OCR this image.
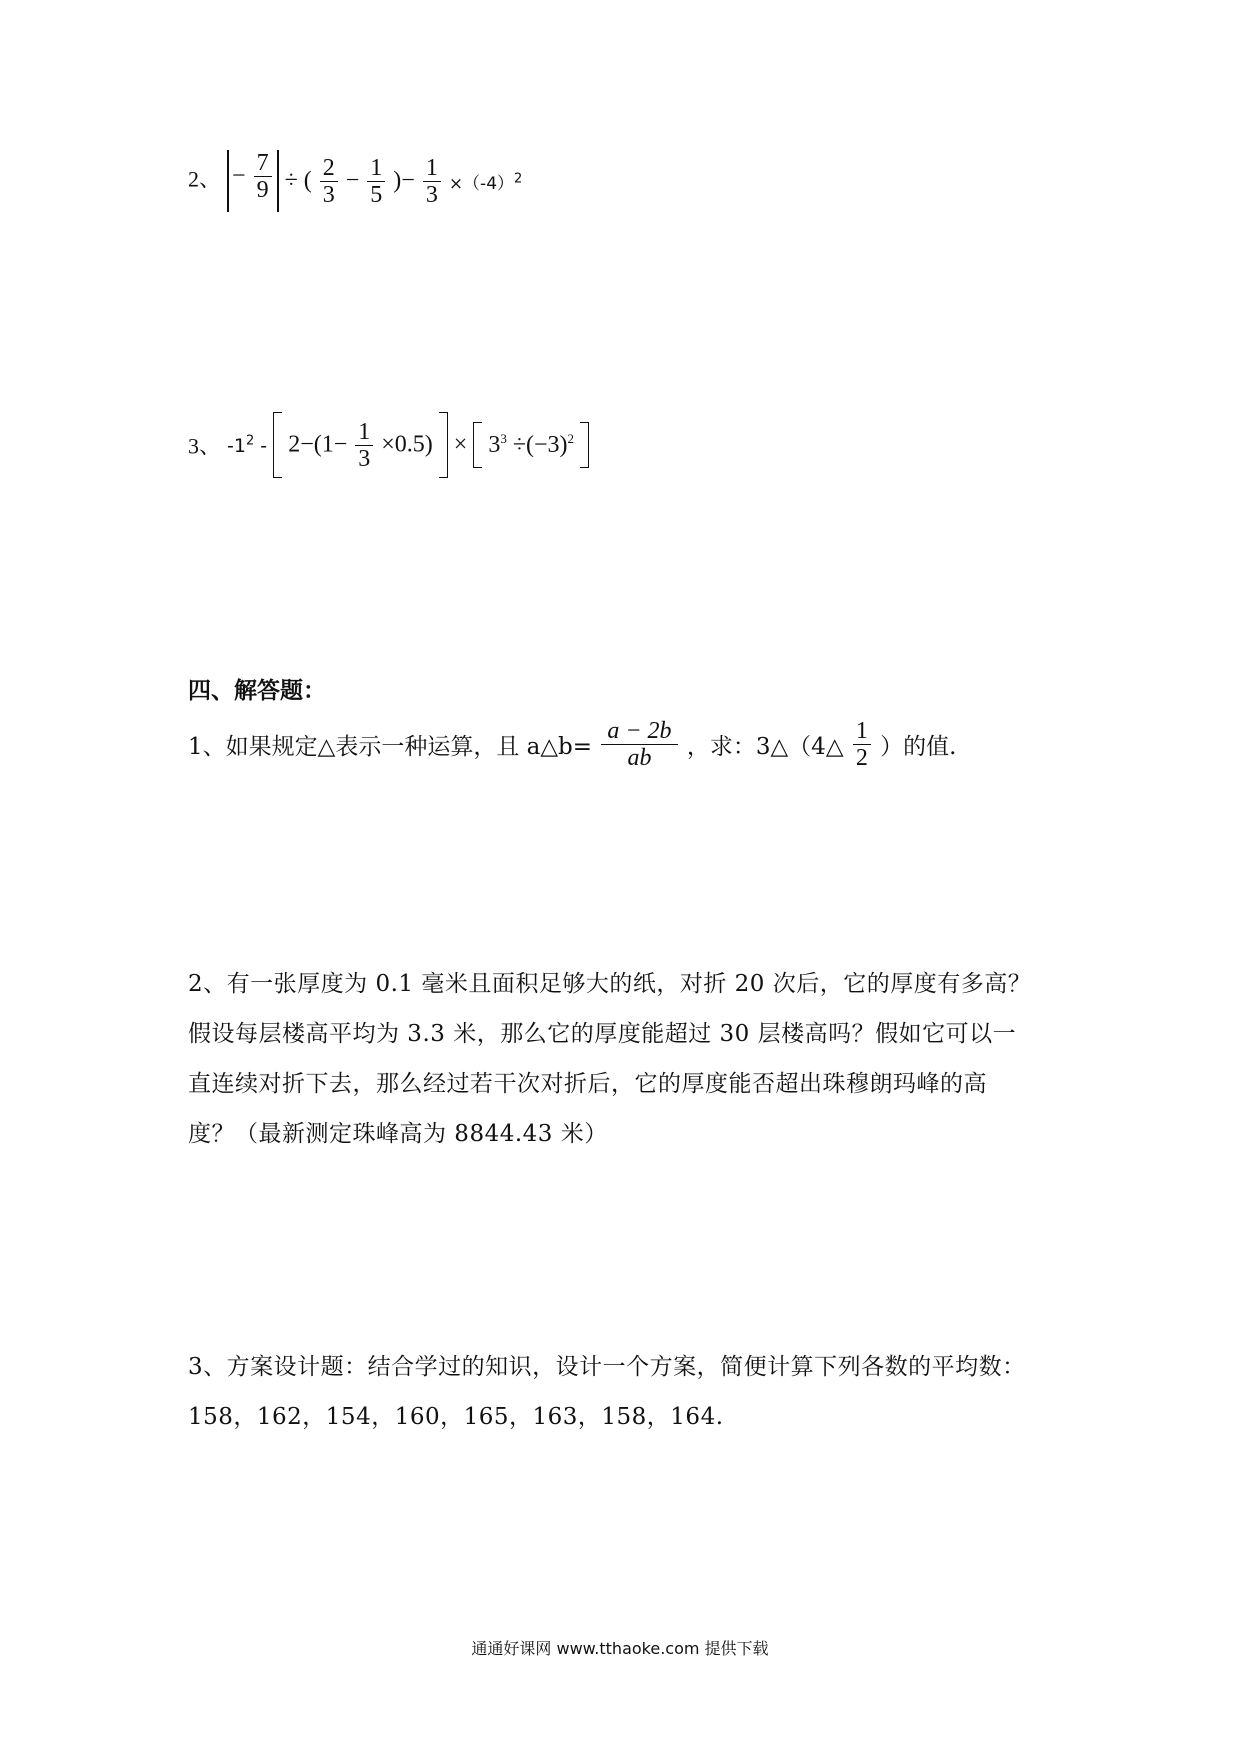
2、 − $\frac{7}{9}$ ÷ ( $\frac{2}{3} - \frac{1}{5}$ )− $\frac{1}{3} \times(-4)^2$
3、 $-1^2 - 2-(1- \frac{1}{3} \times 0.5) \times 3^3 \div(-3)^2$
四、解答题：
1、如果规定△表示一种运算，且 a△b= $\frac{a - 2b}{ab}$ ，求：3△（4△ $\frac{1}{2}$ ）的值.
2、有一张厚度为 0.1 毫米且面积足够大的纸，对折 20 次后，它的厚度有多高？
假设每层楼高平均为 3.3 米，那么它的厚度能超过 30 层楼高吗？假如它可以一
直连续对折下去，那么经过若干次对折后，它的厚度能否超出珠穆朗玛峰的高
度？（最新测定珠峰高为 8844.43 米）
3、方案设计题：结合学过的知识，设计一个方案，简便计算下列各数的平均数：
158，162，154，160，165，163，158，164.
通通好课网 www.tthaoke.com 提供下载
